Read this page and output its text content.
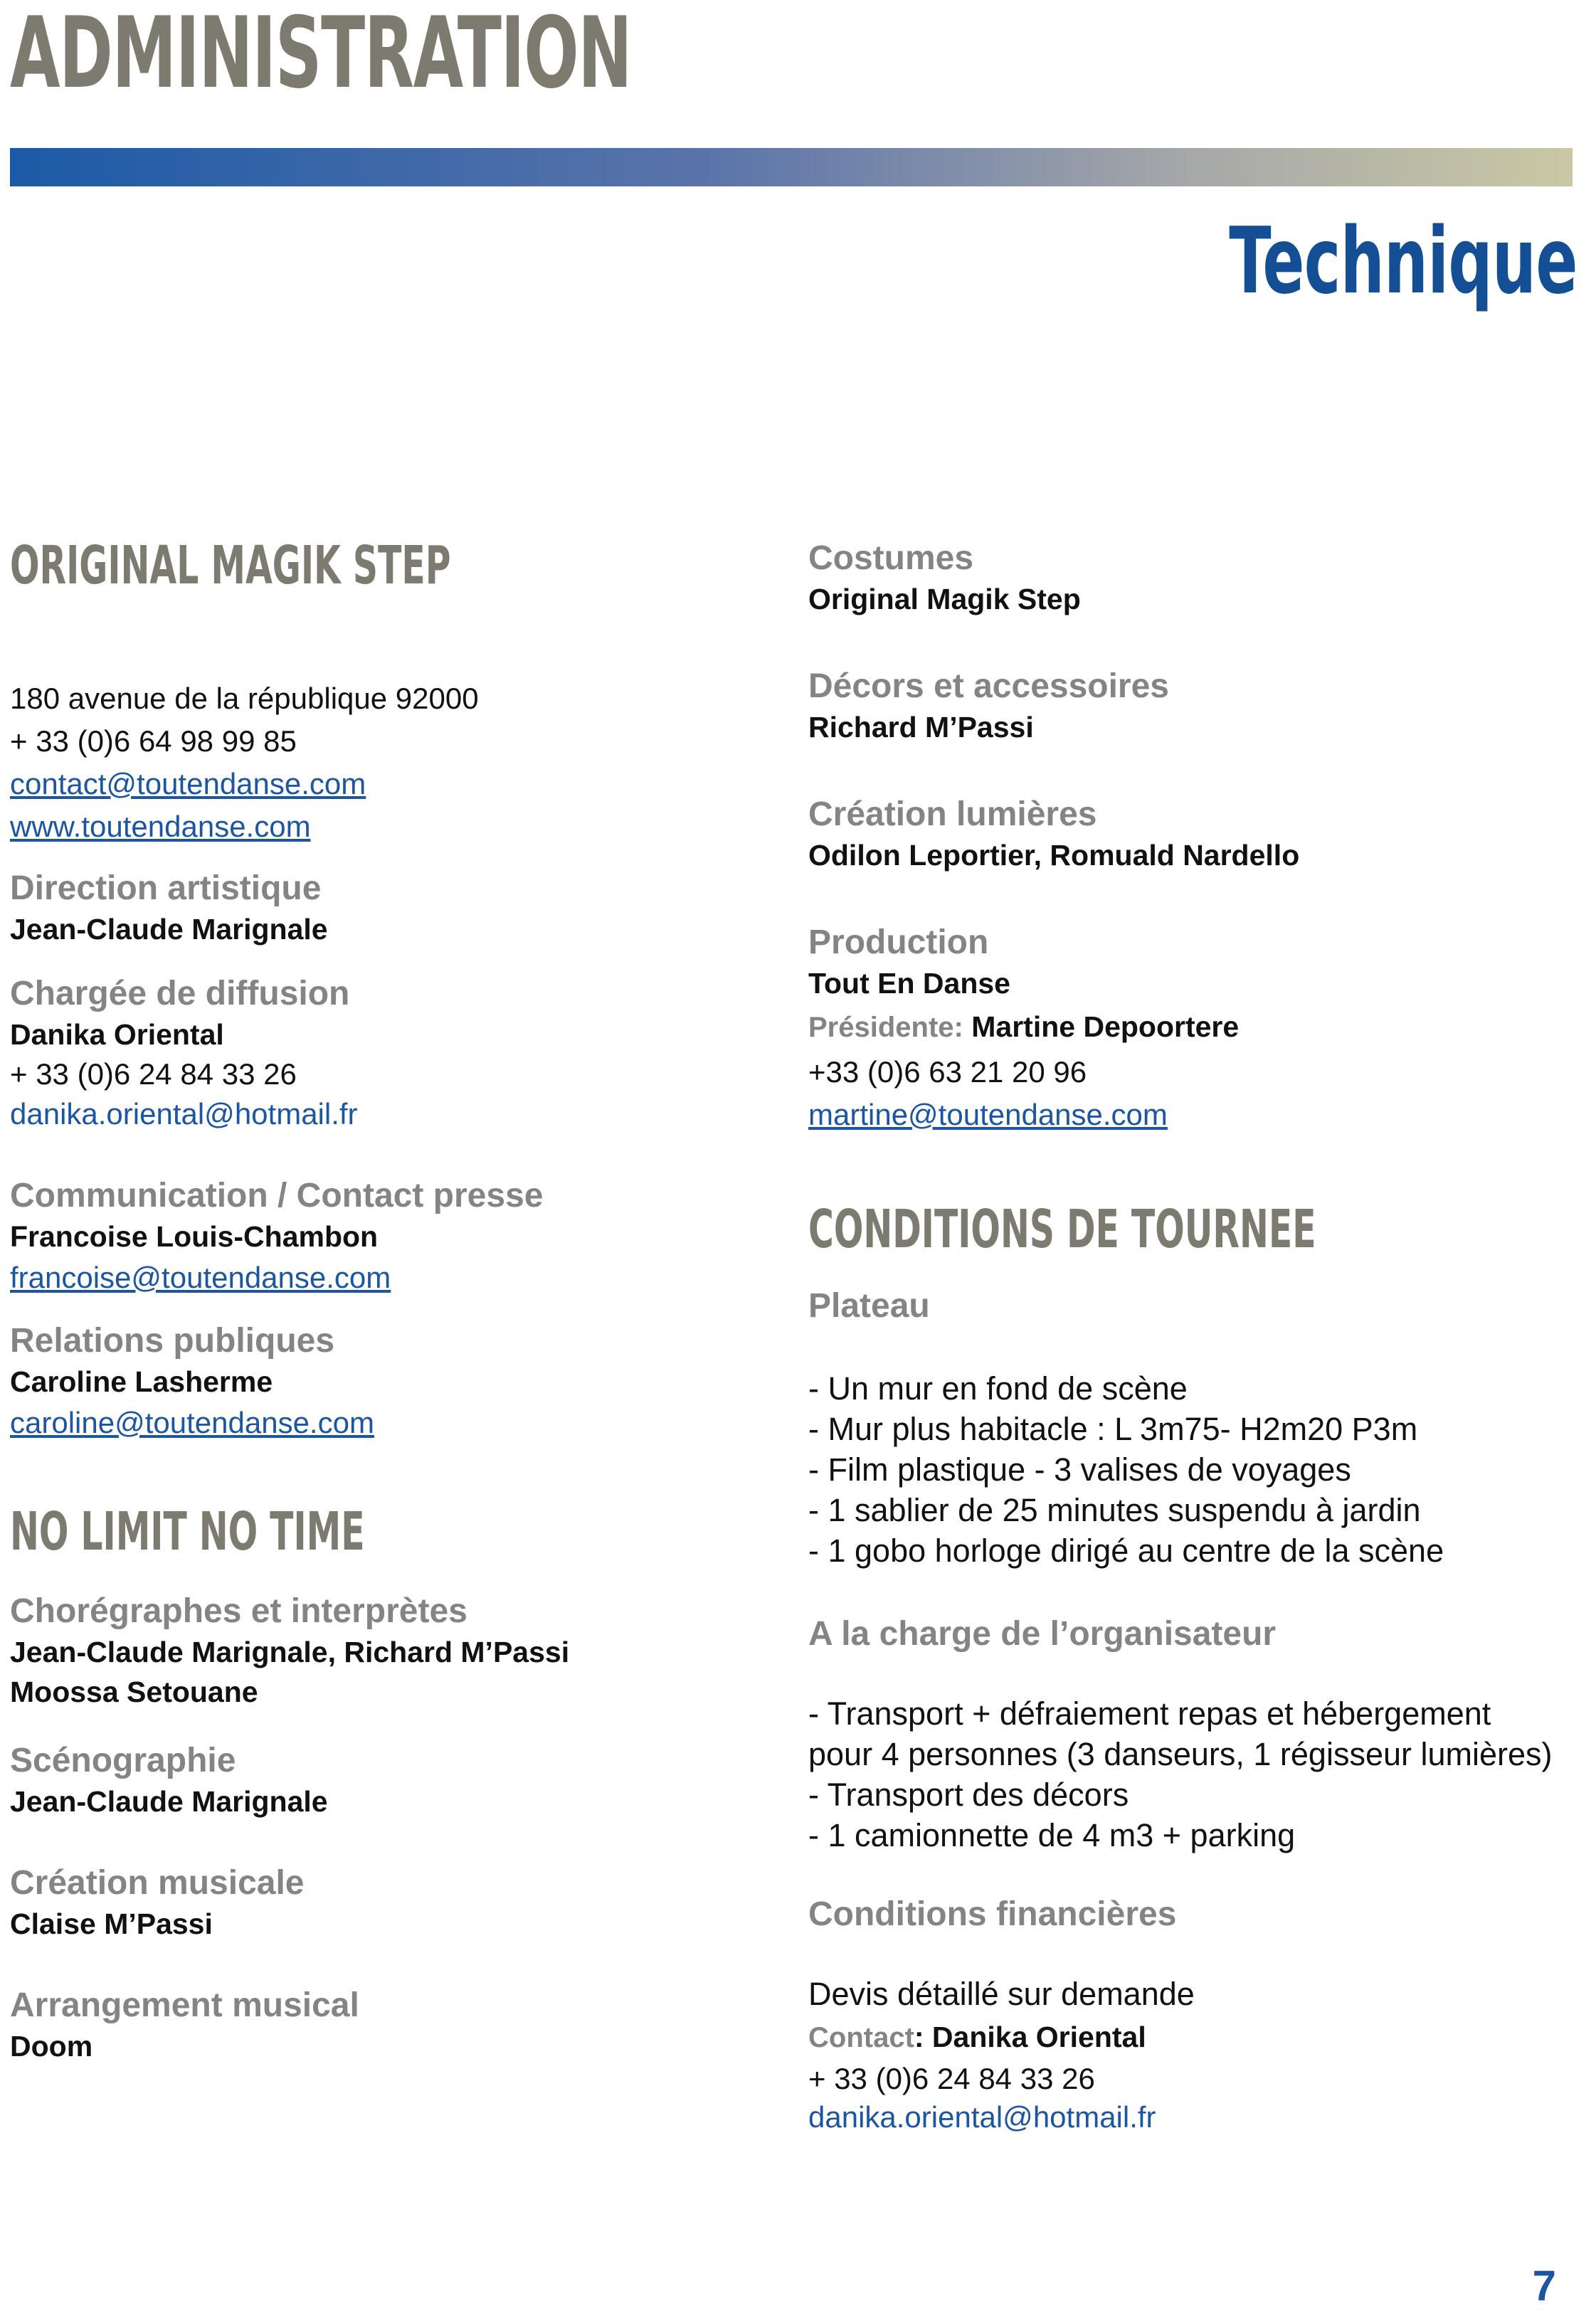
ADMINISTRATION
Technique
ORIGINAL MAGIK STEP

180 avenue de la république 92000

+ 33 (0)6 64 98 99 85

contact@toutendanse.com
www.toutendanse.com

Direction artistique

Jean-Claude Marignale

Chargée de diffusion

Danika Oriental

+ 33 (0)6 24 84 33 26

danika.oriental@hotmail.fr

Communication / Contact presse

Francoise Louis-Chambon

francoise@toutendanse.com

Relations publiques

Caroline Lasherme

caroline@toutendanse.com
NO LIMIT NO TIME

Chorégraphes et interprètes

Jean-Claude Marignale, Richard M’Passi

Moossa Setouane

Scénographie

Jean-Claude Marignale

Création musicale

Claise M’Passi

Arrangement musical

Doom

Costumes

Original Magik Step

Décors et accessoires

Richard M’Passi

Création lumières

Odilon Leportier, Romuald Nardello

Production

Tout En Danse

Présidente: Martine Depoortere

+33 (0)6 63 21 20 96

martine@toutendanse.com
CONDITIONS DE TOURNEE

Plateau

- Un mur en fond de scène

- Mur plus habitacle : L 3m75- H2m20 P3m

- Film plastique - 3 valises de voyages

- 1 sablier de 25 minutes suspendu à jardin

- 1 gobo horloge dirigé au centre de la scène

A la charge de l’organisateur

- Transport + défraiement repas et hébergement

pour 4 personnes (3 danseurs, 1 régisseur lumières)

- Transport des décors

- 1 camionnette de 4 m3 + parking

Conditions financières

Devis détaillé sur demande

Contact: Danika Oriental

+ 33 (0)6 24 84 33 26

danika.oriental@hotmail.fr
7
